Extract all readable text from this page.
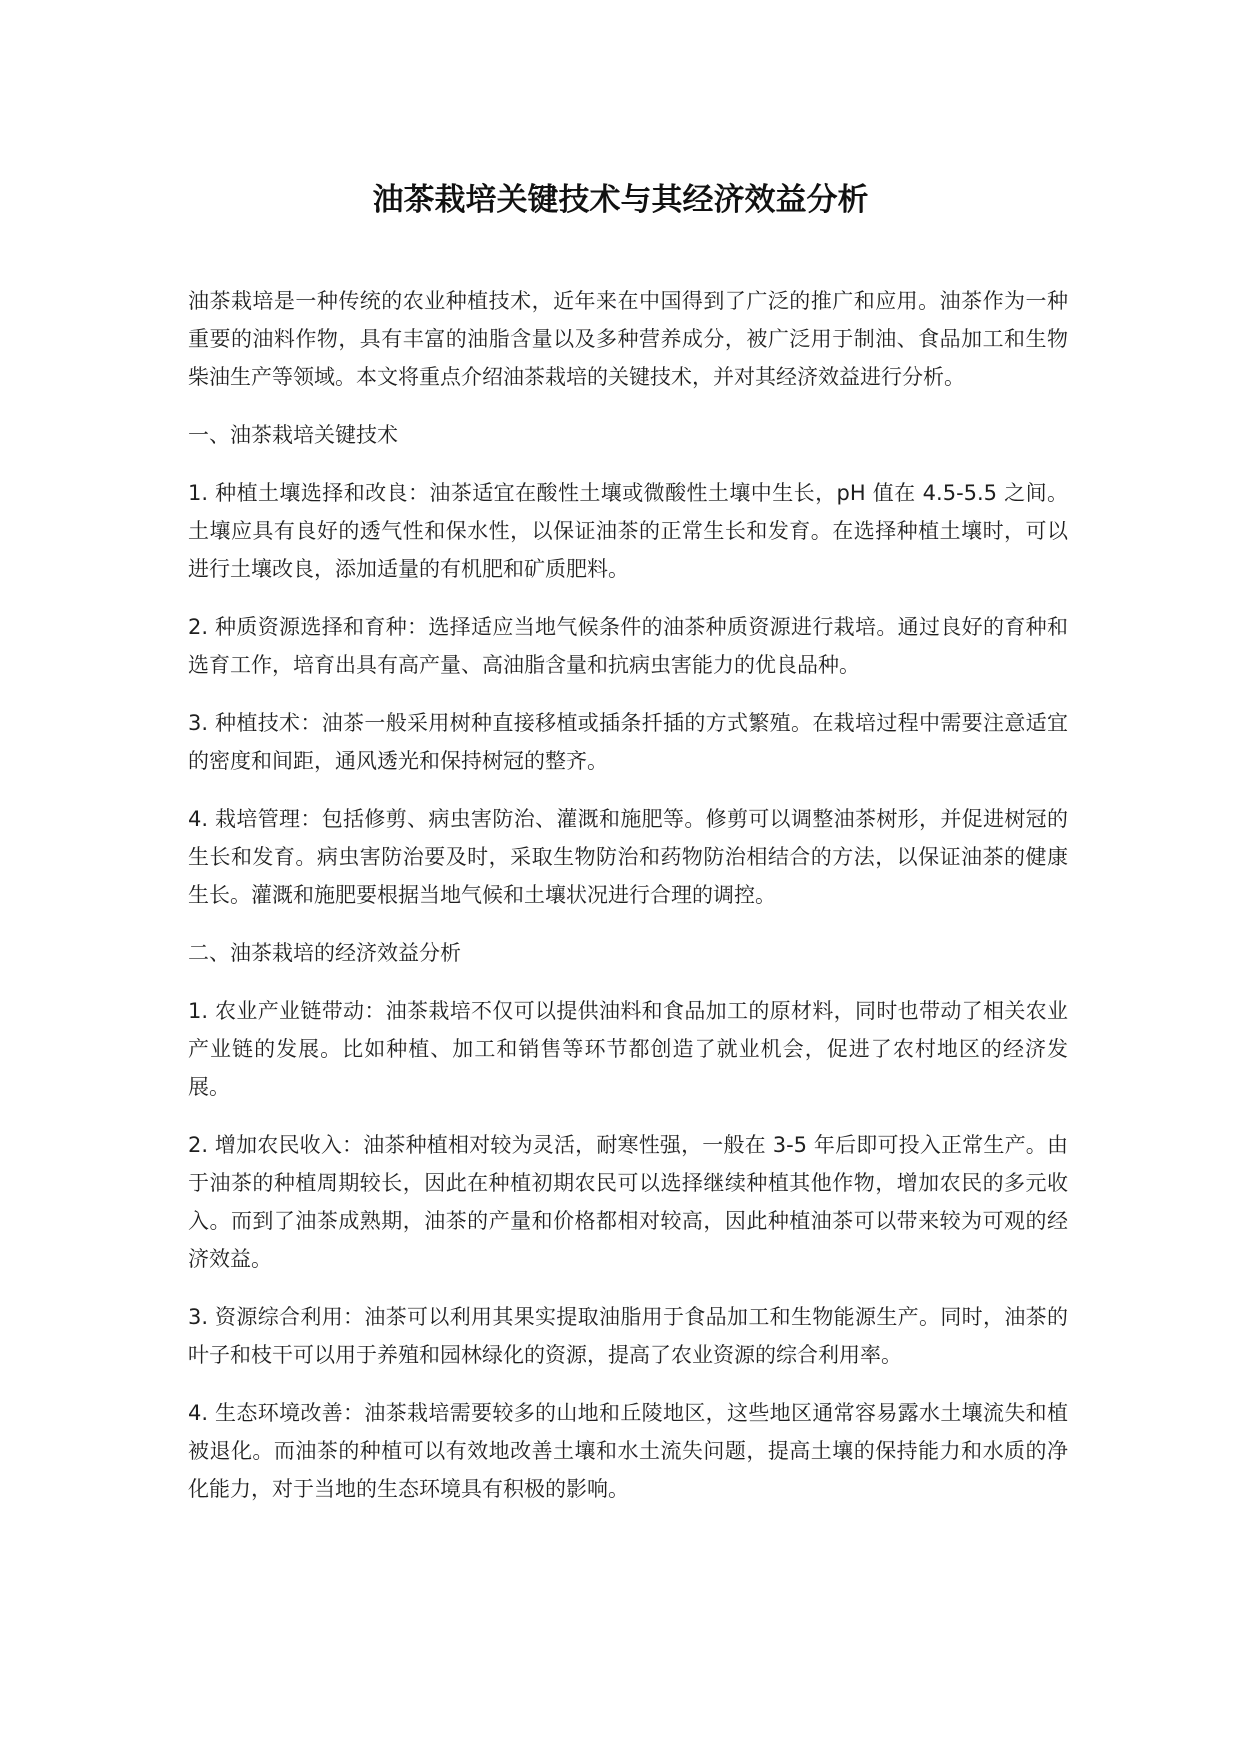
油茶栽培关键技术与其经济效益分析

油茶栽培是一种传统的农业种植技术，近年来在中国得到了广泛的推广和应用。油茶作为一种重要的油料作物，具有丰富的油脂含量以及多种营养成分，被广泛用于制油、食品加工和生物柴油生产等领域。本文将重点介绍油茶栽培的关键技术，并对其经济效益进行分析。

一、油茶栽培关键技术

1. 种植土壤选择和改良：油茶适宜在酸性土壤或微酸性土壤中生长，pH 值在 4.5-5.5 之间。土壤应具有良好的透气性和保水性，以保证油茶的正常生长和发育。在选择种植土壤时，可以进行土壤改良，添加适量的有机肥和矿质肥料。

2. 种质资源选择和育种：选择适应当地气候条件的油茶种质资源进行栽培。通过良好的育种和选育工作，培育出具有高产量、高油脂含量和抗病虫害能力的优良品种。

3. 种植技术：油茶一般采用树种直接移植或插条扦插的方式繁殖。在栽培过程中需要注意适宜的密度和间距，通风透光和保持树冠的整齐。

4. 栽培管理：包括修剪、病虫害防治、灌溉和施肥等。修剪可以调整油茶树形，并促进树冠的生长和发育。病虫害防治要及时，采取生物防治和药物防治相结合的方法，以保证油茶的健康生长。灌溉和施肥要根据当地气候和土壤状况进行合理的调控。

二、油茶栽培的经济效益分析

1. 农业产业链带动：油茶栽培不仅可以提供油料和食品加工的原材料，同时也带动了相关农业产业链的发展。比如种植、加工和销售等环节都创造了就业机会，促进了农村地区的经济发展。

2. 增加农民收入：油茶种植相对较为灵活，耐寒性强，一般在 3-5 年后即可投入正常生产。由于油茶的种植周期较长，因此在种植初期农民可以选择继续种植其他作物，增加农民的多元收入。而到了油茶成熟期，油茶的产量和价格都相对较高，因此种植油茶可以带来较为可观的经济效益。

3. 资源综合利用：油茶可以利用其果实提取油脂用于食品加工和生物能源生产。同时，油茶的叶子和枝干可以用于养殖和园林绿化的资源，提高了农业资源的综合利用率。

4. 生态环境改善：油茶栽培需要较多的山地和丘陵地区，这些地区通常容易露水土壤流失和植被退化。而油茶的种植可以有效地改善土壤和水土流失问题，提高土壤的保持能力和水质的净化能力，对于当地的生态环境具有积极的影响。
